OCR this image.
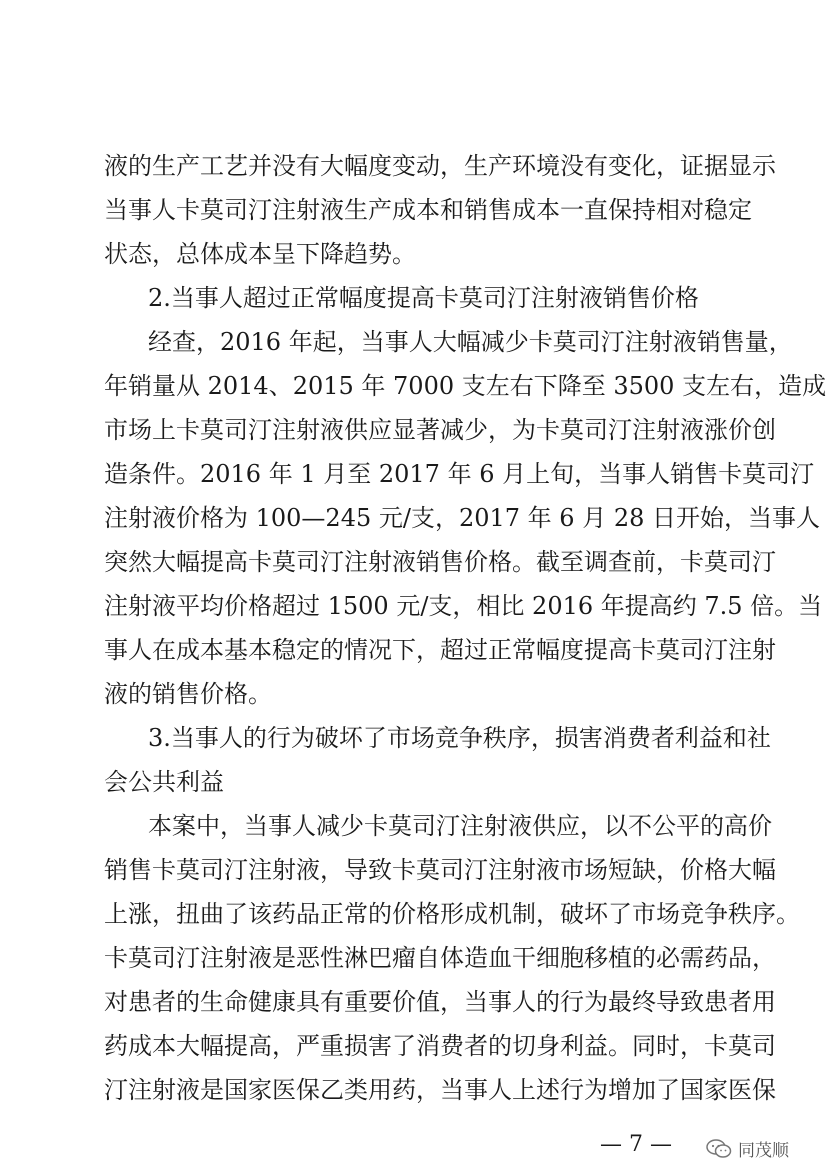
液的生产工艺并没有大幅度变动，生产环境没有变化，证据显示
当事人卡莫司汀注射液生产成本和销售成本一直保持相对稳定
状态，总体成本呈下降趋势。
2.当事人超过正常幅度提高卡莫司汀注射液销售价格
经查，2016 年起，当事人大幅减少卡莫司汀注射液销售量，
年销量从 2014、2015 年 7000 支左右下降至 3500 支左右，造成
市场上卡莫司汀注射液供应显著减少，为卡莫司汀注射液涨价创
造条件。2016 年 1 月至 2017 年 6 月上旬，当事人销售卡莫司汀
注射液价格为 100—245 元/支，2017 年 6 月 28 日开始，当事人
突然大幅提高卡莫司汀注射液销售价格。截至调查前，卡莫司汀
注射液平均价格超过 1500 元/支，相比 2016 年提高约 7.5 倍。当
事人在成本基本稳定的情况下，超过正常幅度提高卡莫司汀注射
液的销售价格。
3.当事人的行为破坏了市场竞争秩序，损害消费者利益和社
会公共利益
本案中，当事人减少卡莫司汀注射液供应，以不公平的高价
销售卡莫司汀注射液，导致卡莫司汀注射液市场短缺，价格大幅
上涨，扭曲了该药品正常的价格形成机制，破坏了市场竞争秩序。
卡莫司汀注射液是恶性淋巴瘤自体造血干细胞移植的必需药品，
对患者的生命健康具有重要价值，当事人的行为最终导致患者用
药成本大幅提高，严重损害了消费者的切身利益。同时，卡莫司
— 7 —	同茂顺
汀注射液是国家医保乙类用药，当事人上述行为增加了国家医保
